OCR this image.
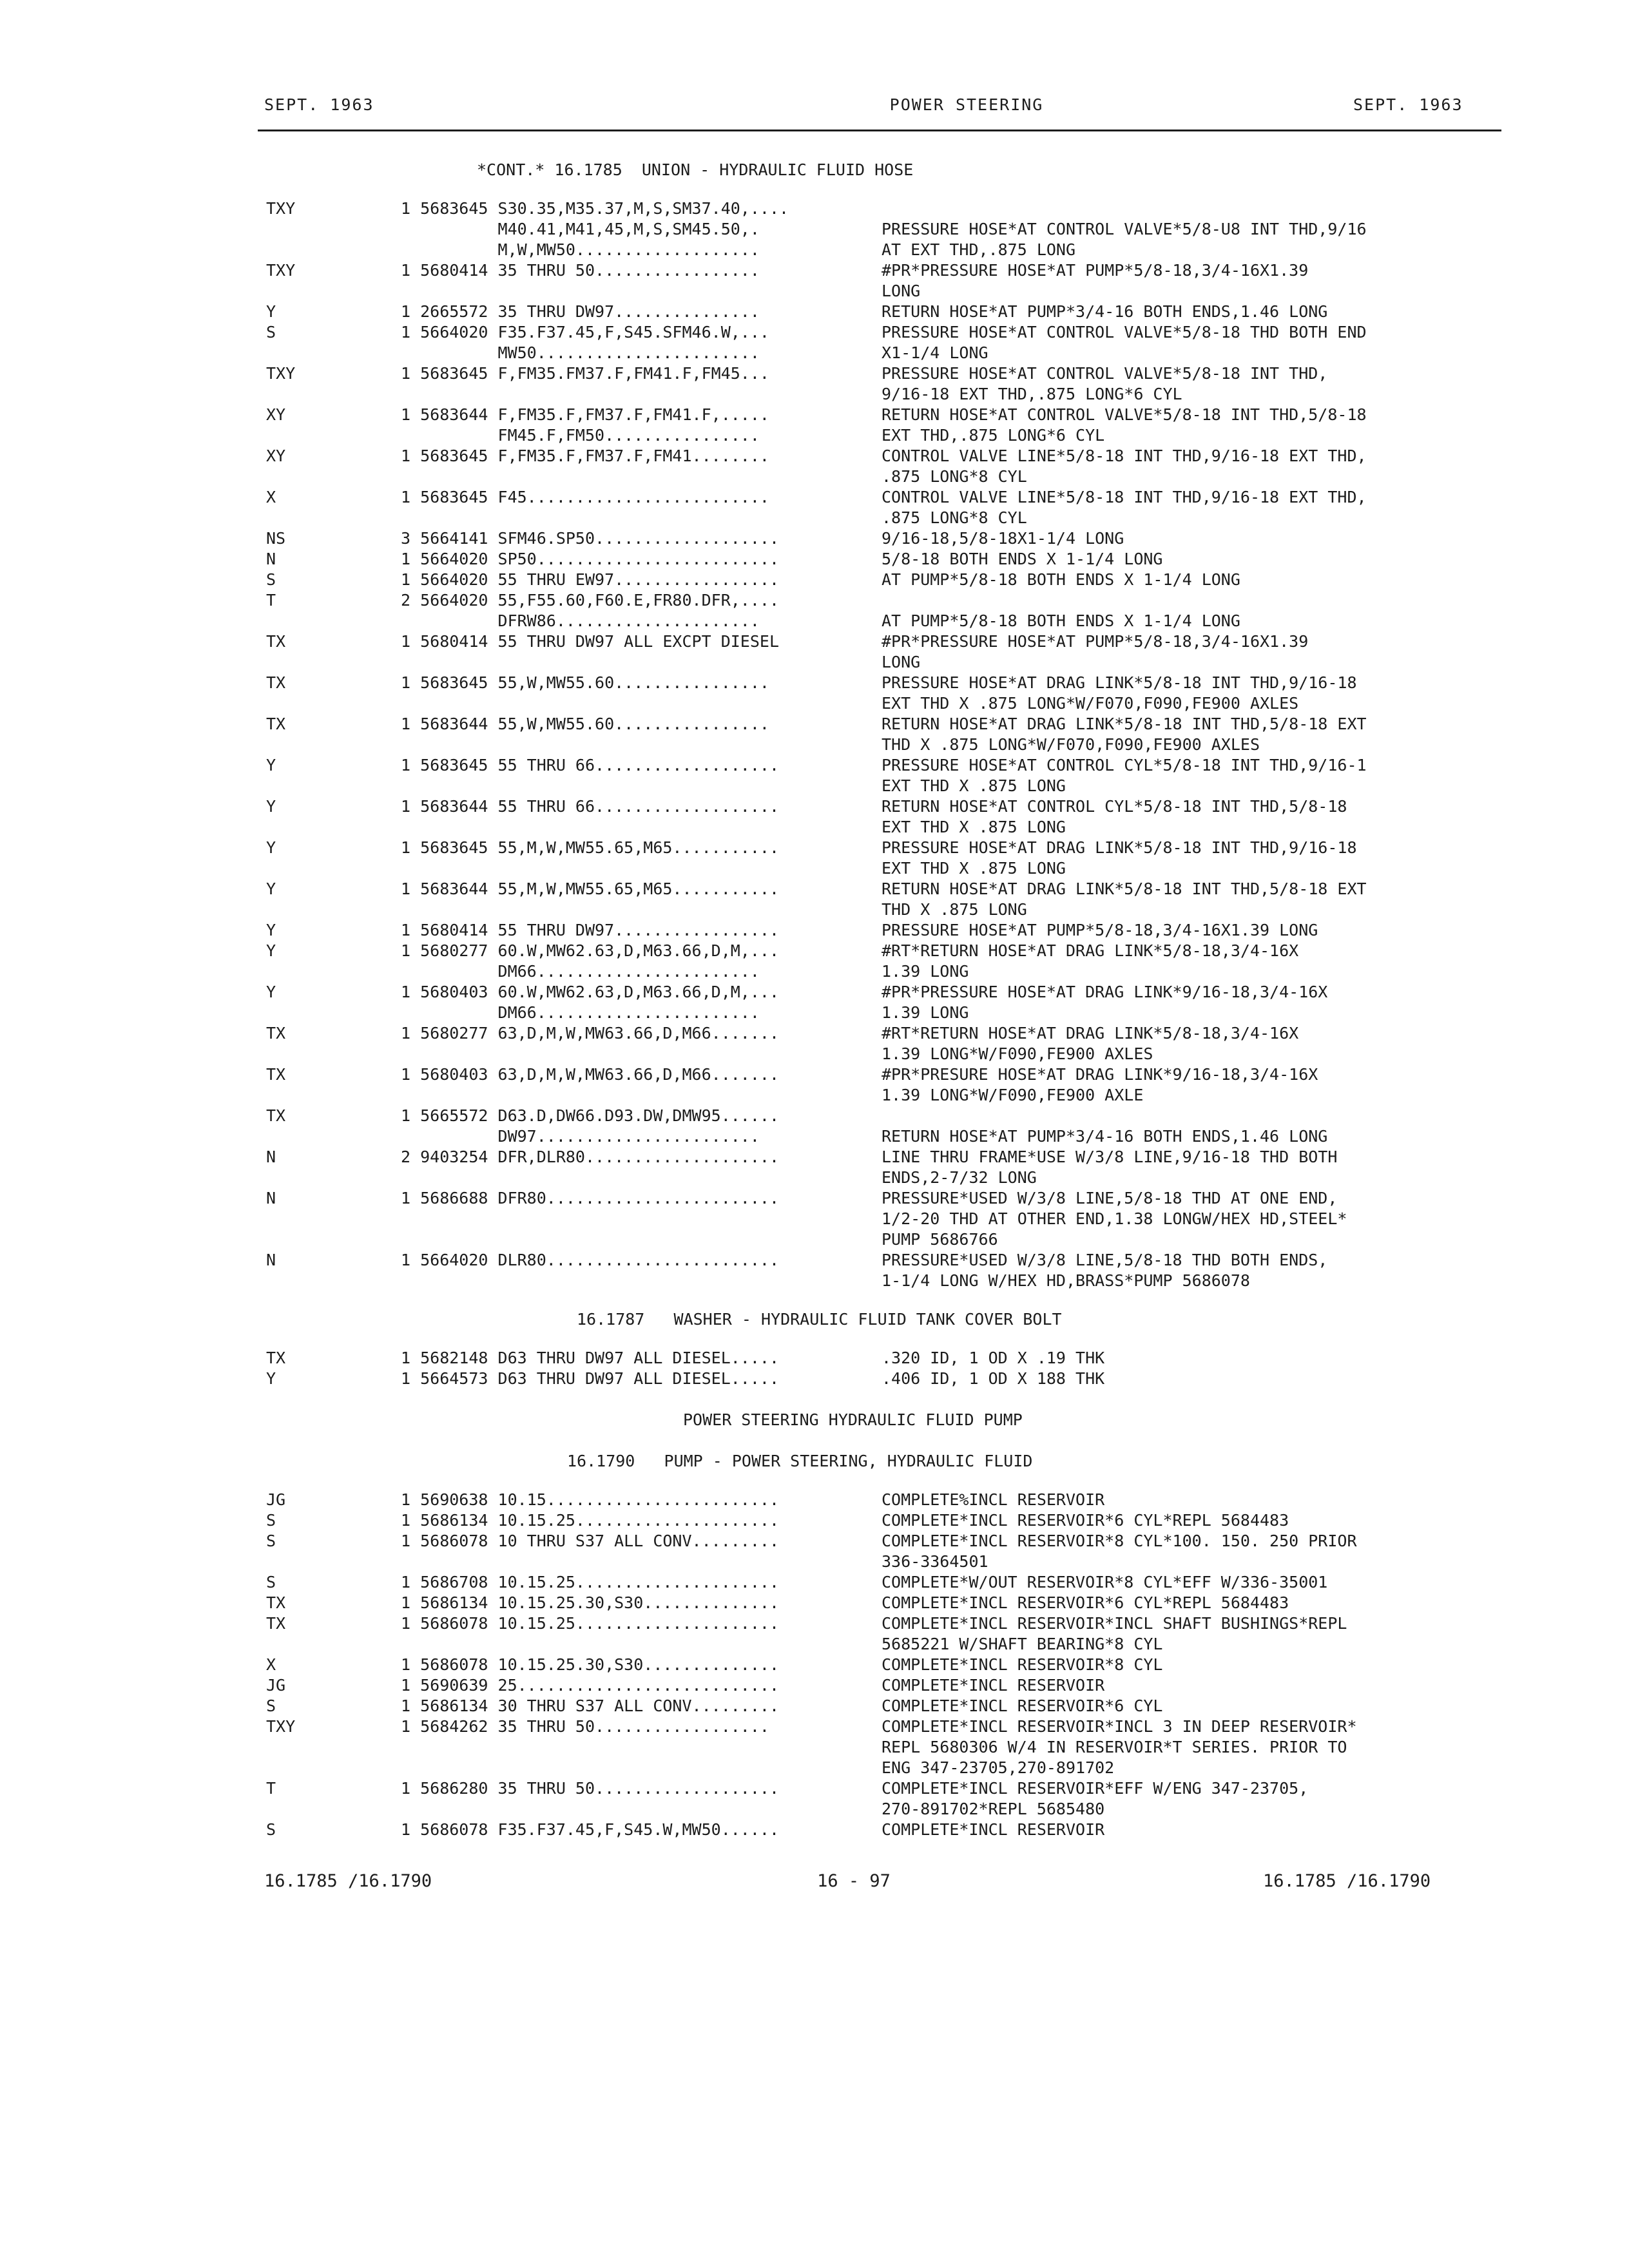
SEPT. 1963	POWER STEERING	SEPT. 1963
*CONT.* 16.1785  UNION - HYDRAULIC FLUID HOSE
TXY	1 5683645 S30.35,M35.37,M,S,SM37.40,....
M40.41,M41,45,M,S,SM45.50,.	PRESSURE HOSE*AT CONTROL VALVE*5/8-U8 INT THD,9/16
M,W,MW50...................	AT EXT THD,.875 LONG
TXY	1 5680414 35 THRU 50.................	#PR*PRESSURE HOSE*AT PUMP*5/8-18,3/4-16X1.39
LONG
Y	1 2665572 35 THRU DW97...............	RETURN HOSE*AT PUMP*3/4-16 BOTH ENDS,1.46 LONG
S	1 5664020 F35.F37.45,F,S45.SFM46.W,...	PRESSURE HOSE*AT CONTROL VALVE*5/8-18 THD BOTH END
MW50.......................	X1-1/4 LONG
TXY	1 5683645 F,FM35.FM37.F,FM41.F,FM45...	PRESSURE HOSE*AT CONTROL VALVE*5/8-18 INT THD,
9/16-18 EXT THD,.875 LONG*6 CYL
XY	1 5683644 F,FM35.F,FM37.F,FM41.F,.....	RETURN HOSE*AT CONTROL VALVE*5/8-18 INT THD,5/8-18
FM45.F,FM50................	EXT THD,.875 LONG*6 CYL
XY	1 5683645 F,FM35.F,FM37.F,FM41........	CONTROL VALVE LINE*5/8-18 INT THD,9/16-18 EXT THD,
.875 LONG*8 CYL
X	1 5683645 F45.........................	CONTROL VALVE LINE*5/8-18 INT THD,9/16-18 EXT THD,
.875 LONG*8 CYL
NS	3 5664141 SFM46.SP50...................	9/16-18,5/8-18X1-1/4 LONG
N	1 5664020 SP50.........................	5/8-18 BOTH ENDS X 1-1/4 LONG
S	1 5664020 55 THRU EW97.................	AT PUMP*5/8-18 BOTH ENDS X 1-1/4 LONG
T	2 5664020 55,F55.60,F60.E,FR80.DFR,....
DFRW86.....................	AT PUMP*5/8-18 BOTH ENDS X 1-1/4 LONG
TX	1 5680414 55 THRU DW97 ALL EXCPT DIESEL	#PR*PRESSURE HOSE*AT PUMP*5/8-18,3/4-16X1.39
LONG
TX	1 5683645 55,W,MW55.60................	PRESSURE HOSE*AT DRAG LINK*5/8-18 INT THD,9/16-18
EXT THD X .875 LONG*W/F070,F090,FE900 AXLES
TX	1 5683644 55,W,MW55.60................	RETURN HOSE*AT DRAG LINK*5/8-18 INT THD,5/8-18 EXT
THD X .875 LONG*W/F070,F090,FE900 AXLES
Y	1 5683645 55 THRU 66...................	PRESSURE HOSE*AT CONTROL CYL*5/8-18 INT THD,9/16-1
EXT THD X .875 LONG
Y	1 5683644 55 THRU 66...................	RETURN HOSE*AT CONTROL CYL*5/8-18 INT THD,5/8-18
EXT THD X .875 LONG
Y	1 5683645 55,M,W,MW55.65,M65...........	PRESSURE HOSE*AT DRAG LINK*5/8-18 INT THD,9/16-18
EXT THD X .875 LONG
Y	1 5683644 55,M,W,MW55.65,M65...........	RETURN HOSE*AT DRAG LINK*5/8-18 INT THD,5/8-18 EXT
THD X .875 LONG
Y	1 5680414 55 THRU DW97.................	PRESSURE HOSE*AT PUMP*5/8-18,3/4-16X1.39 LONG
Y	1 5680277 60.W,MW62.63,D,M63.66,D,M,...	#RT*RETURN HOSE*AT DRAG LINK*5/8-18,3/4-16X
DM66.......................	1.39 LONG
Y	1 5680403 60.W,MW62.63,D,M63.66,D,M,...	#PR*PRESSURE HOSE*AT DRAG LINK*9/16-18,3/4-16X
DM66.......................	1.39 LONG
TX	1 5680277 63,D,M,W,MW63.66,D,M66.......	#RT*RETURN HOSE*AT DRAG LINK*5/8-18,3/4-16X
1.39 LONG*W/F090,FE900 AXLES
TX	1 5680403 63,D,M,W,MW63.66,D,M66.......	#PR*PRESURE HOSE*AT DRAG LINK*9/16-18,3/4-16X
1.39 LONG*W/F090,FE900 AXLE
TX	1 5665572 D63.D,DW66.D93.DW,DMW95......
DW97.......................	RETURN HOSE*AT PUMP*3/4-16 BOTH ENDS,1.46 LONG
N	2 9403254 DFR,DLR80....................	LINE THRU FRAME*USE W/3/8 LINE,9/16-18 THD BOTH
ENDS,2-7/32 LONG
N	1 5686688 DFR80........................	PRESSURE*USED W/3/8 LINE,5/8-18 THD AT ONE END,
1/2-20 THD AT OTHER END,1.38 LONGW/HEX HD,STEEL*
PUMP 5686766
N	1 5664020 DLR80........................	PRESSURE*USED W/3/8 LINE,5/8-18 THD BOTH ENDS,
1-1/4 LONG W/HEX HD,BRASS*PUMP 5686078
16.1787   WASHER - HYDRAULIC FLUID TANK COVER BOLT
TX	1 5682148 D63 THRU DW97 ALL DIESEL.....	.320 ID, 1 OD X .19 THK
Y	1 5664573 D63 THRU DW97 ALL DIESEL.....	.406 ID, 1 OD X 188 THK
POWER STEERING HYDRAULIC FLUID PUMP
16.1790   PUMP - POWER STEERING, HYDRAULIC FLUID
JG	1 5690638 10.15........................	COMPLETE%INCL RESERVOIR
S	1 5686134 10.15.25.....................	COMPLETE*INCL RESERVOIR*6 CYL*REPL 5684483
S	1 5686078 10 THRU S37 ALL CONV.........	COMPLETE*INCL RESERVOIR*8 CYL*100. 150. 250 PRIOR
336-3364501
S	1 5686708 10.15.25.....................	COMPLETE*W/OUT RESERVOIR*8 CYL*EFF W/336-35001
TX	1 5686134 10.15.25.30,S30..............	COMPLETE*INCL RESERVOIR*6 CYL*REPL 5684483
TX	1 5686078 10.15.25.....................	COMPLETE*INCL RESERVOIR*INCL SHAFT BUSHINGS*REPL
5685221 W/SHAFT BEARING*8 CYL
X	1 5686078 10.15.25.30,S30..............	COMPLETE*INCL RESERVOIR*8 CYL
JG	1 5690639 25...........................	COMPLETE*INCL RESERVOIR
S	1 5686134 30 THRU S37 ALL CONV.........	COMPLETE*INCL RESERVOIR*6 CYL
TXY	1 5684262 35 THRU 50..................	COMPLETE*INCL RESERVOIR*INCL 3 IN DEEP RESERVOIR*
REPL 5680306 W/4 IN RESERVOIR*T SERIES. PRIOR TO
ENG 347-23705,270-891702
T	1 5686280 35 THRU 50...................	COMPLETE*INCL RESERVOIR*EFF W/ENG 347-23705,
270-891702*REPL 5685480
S	1 5686078 F35.F37.45,F,S45.W,MW50......	COMPLETE*INCL RESERVOIR
16.1785 /16.1790	16 - 97	16.1785 /16.1790
